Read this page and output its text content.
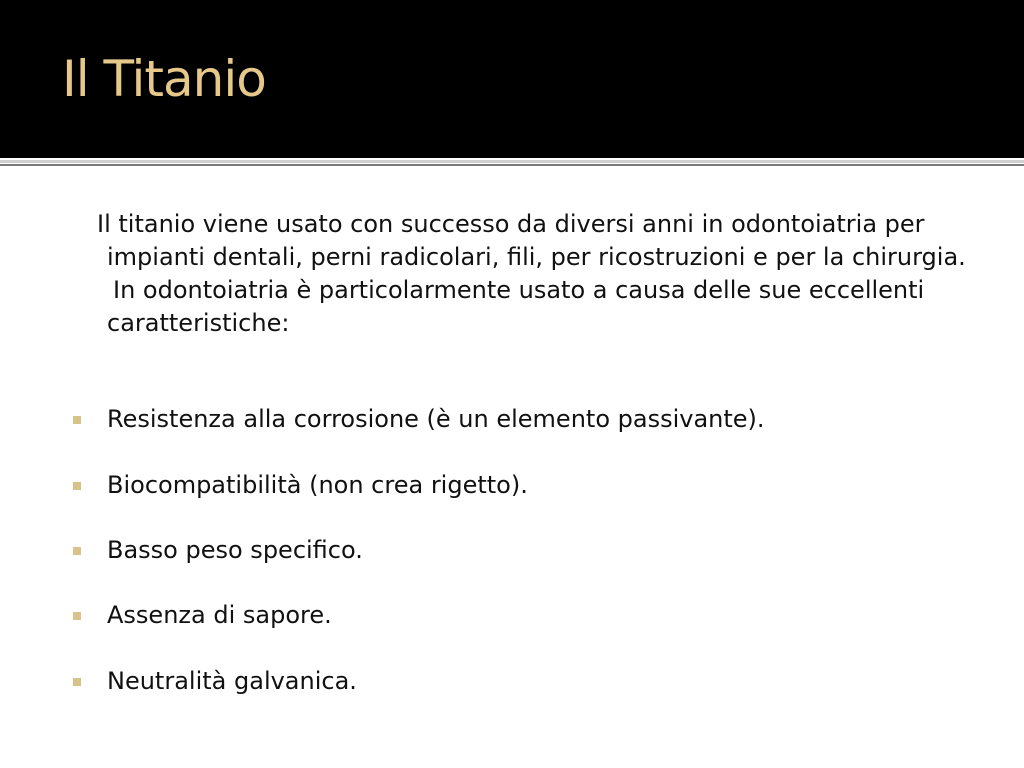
Il Titanio

Il titanio viene usato con successo da diversi anni in odontoiatria per impianti dentali, perni radicolari, fili, per ricostruzioni e per la chirurgia.

In odontoiatria è particolarmente usato a causa delle sue eccellenti caratteristiche:

Resistenza alla corrosione (è un elemento passivante).
Biocompatibilità (non crea rigetto).
Basso peso specifico.
Assenza di sapore.
Neutralità galvanica.
